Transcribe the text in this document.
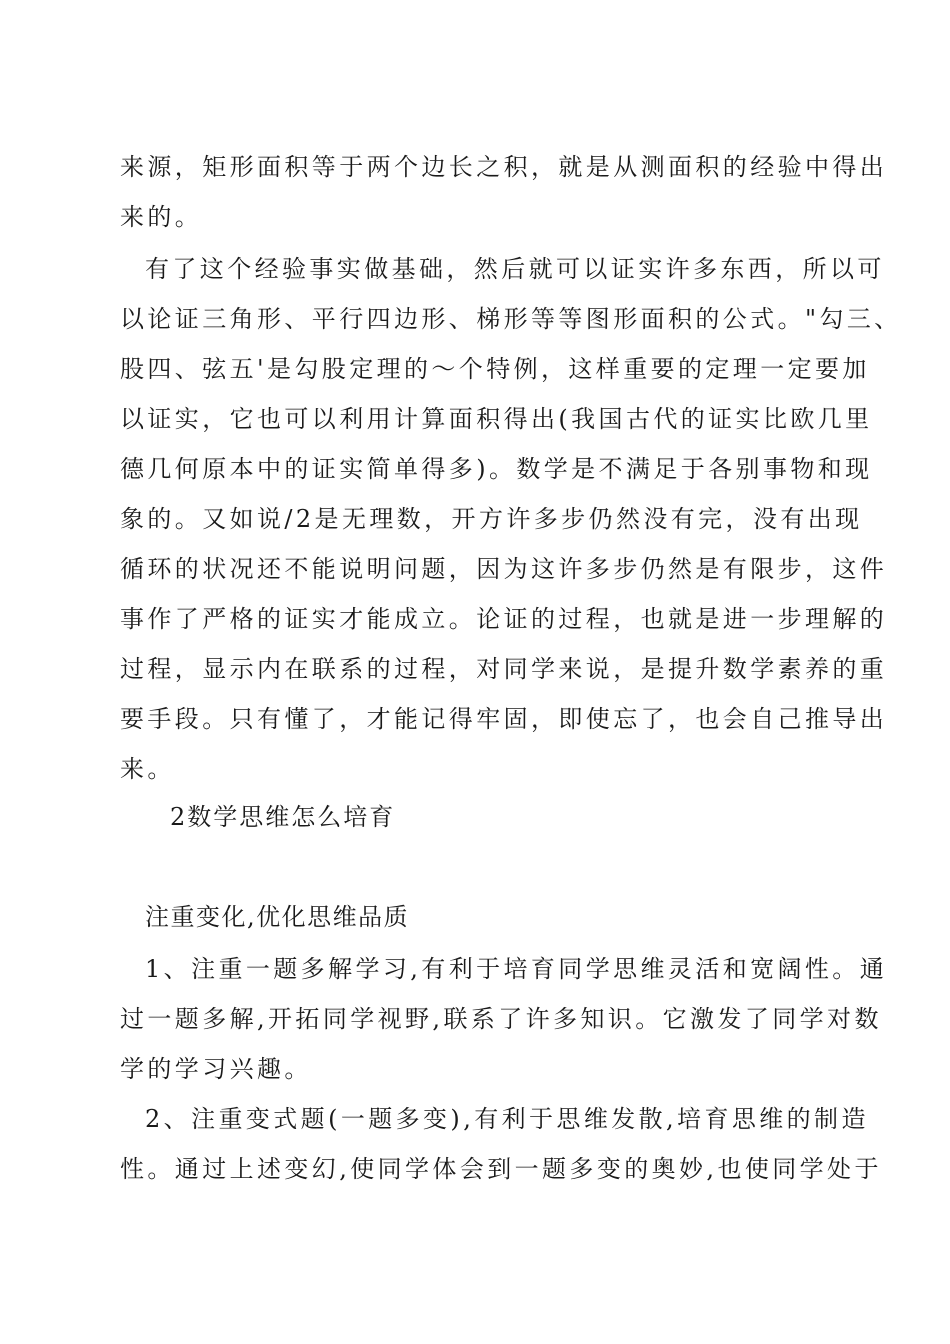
来源，矩形面积等于两个边长之积，就是从测面积的经验中得出
来的。
有了这个经验事实做基础，然后就可以证实许多东西，所以可
以论证三角形、平行四边形、梯形等等图形面积的公式。"勾三、
股四、弦五'是勾股定理的～个特例，这样重要的定理一定要加
以证实，它也可以利用计算面积得出(我国古代的证实比欧几里
德几何原本中的证实简单得多)。数学是不满足于各别事物和现
象的。又如说/2是无理数，开方许多步仍然没有完，没有出现
循环的状况还不能说明问题，因为这许多步仍然是有限步，这件
事作了严格的证实才能成立。论证的过程，也就是进一步理解的
过程，显示内在联系的过程，对同学来说，是提升数学素养的重
要手段。只有懂了，才能记得牢固，即使忘了，也会自己推导出
来。
2数学思维怎么培育
注重变化,优化思维品质
1、注重一题多解学习,有利于培育同学思维灵活和宽阔性。通
过一题多解,开拓同学视野,联系了许多知识。它激发了同学对数
学的学习兴趣。
2、注重变式题(一题多变),有利于思维发散,培育思维的制造
性。通过上述变幻,使同学体会到一题多变的奥妙,也使同学处于
